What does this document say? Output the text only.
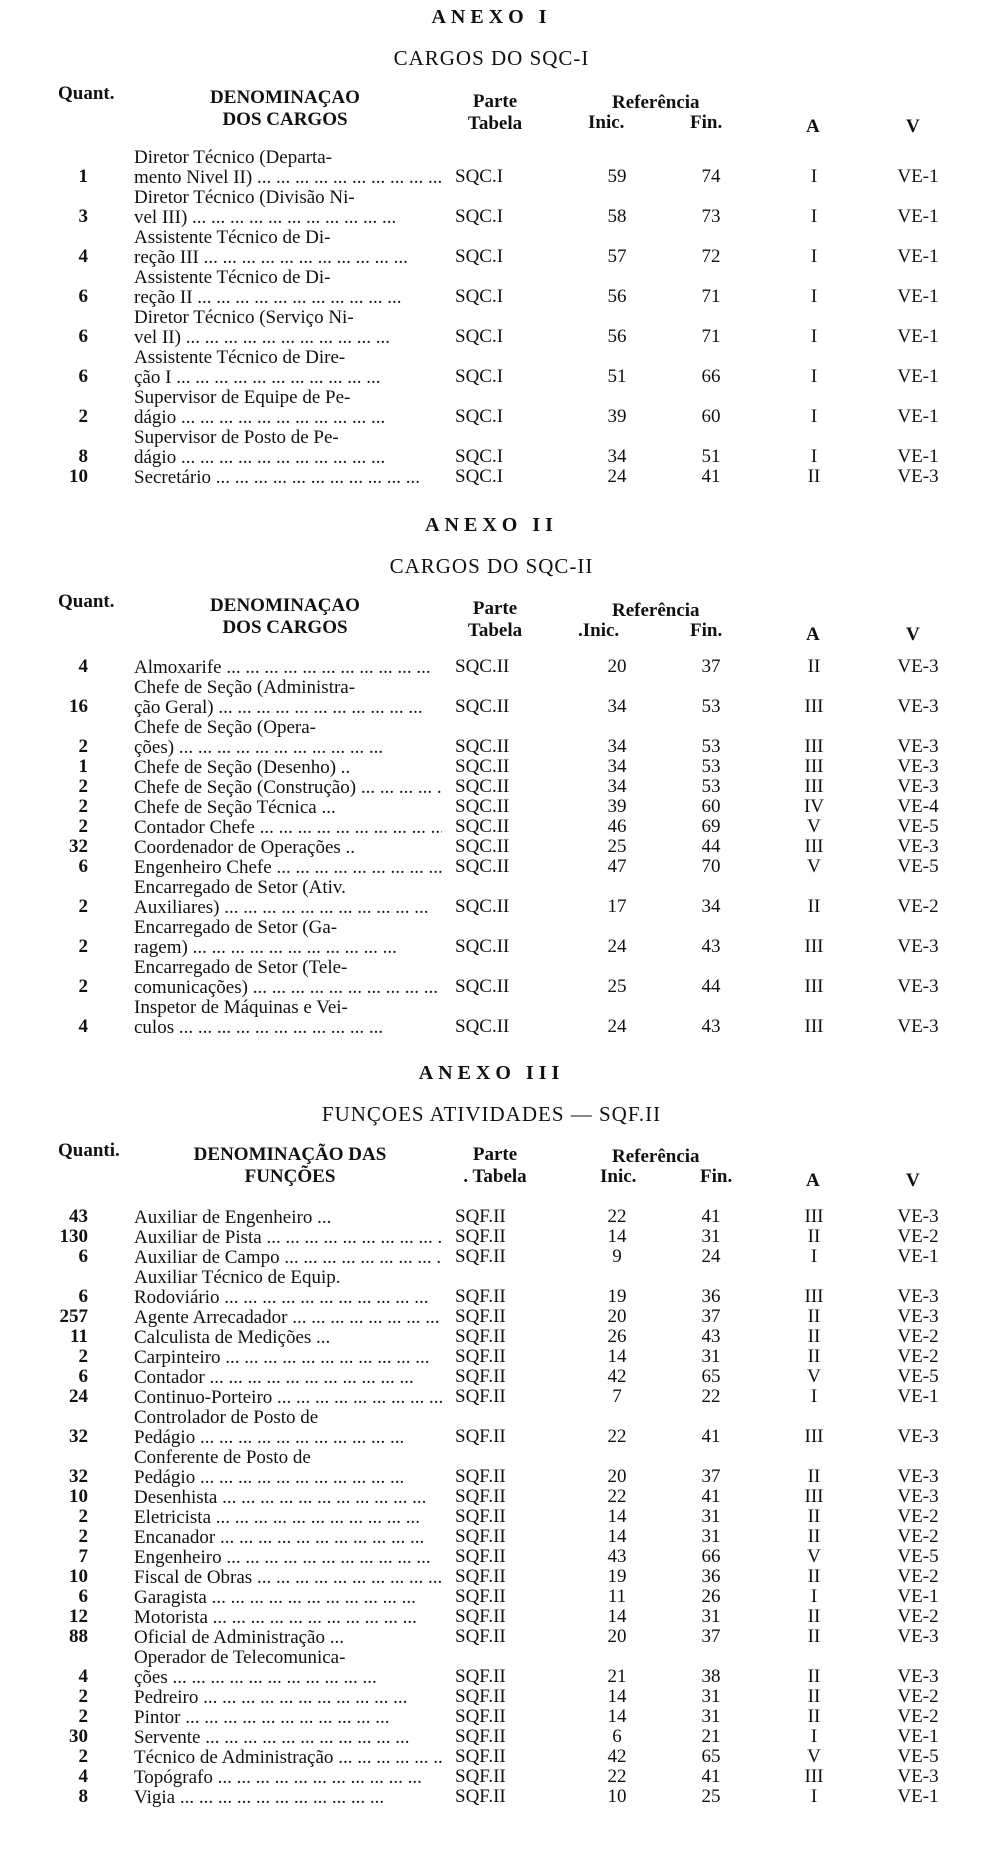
ANEXO I
CARGOS DO SQC-I
Quant.	DENOMINAÇAO
DOS CARGOS
Parte
Tabela
Referência
Inic.	Fin.	A	V
1
Diretor Técnico (Departa-
mento Nivel II) ... .	SQC.I	59	74	I	VE-1
3
Diretor Técnico (Divisão Ni-
vel III) ... .	SQC.I	58	73	I	VE-1
4
Assistente Técnico de Di-
reção III ... .	SQC.I	57	72	I	VE-1
6
Assistente Técnico de Di-
reção II ... .	SQC.I	56	71	I	VE-1
6
Diretor Técnico (Serviço Ni-
vel II) ... .	SQC.I	56	71	I	VE-1
6
Assistente Técnico de Dire-
ção I ... .	SQC.I	51	66	I	VE-1
2
Supervisor de Equipe de Pe-
dágio ... .	SQC.I	39	60	I	VE-1
8
Supervisor de Posto de Pe-
dágio ... .	SQC.I	34	51	I	VE-1
10 Secretário ... .	SQC.I	24	41	II	VE-3
ANEXO II
CARGOS DO SQC-II
Quant.	DENOMINAÇAO
DOS CARGOS
Parte
Tabela
Referência
.Inic.	Fin.	A	V
4 Almoxarife ... .	SQC.II	20	37	II	VE-3
16
Chefe de Seção (Administra-
ção Geral) ... .	SQC.II	34	53	III	VE-3
2
Chefe de Seção (Opera-
ções) ... .	SQC.II	34	53	III	VE-3
1 Chefe de Seção (Desenho) ..	SQC.II	34	53	III	VE-3
2 Chefe de Seção (Construção) ... .	SQC.II	34	53	III	VE-3
2 Chefe de Seção Técnica ...	SQC.II	39	60	IV	VE-4
2 Contador Chefe ... .	SQC.II	46	69	V	VE-5
32 Coordenador de Operações ..	SQC.II	25	44	III	VE-3
6 Engenheiro Chefe ... .	SQC.II	47	70	V	VE-5
2
Encarregado de Setor (Ativ.
Auxiliares) ... .	SQC.II	17	34	II	VE-2
2
Encarregado de Setor (Ga-
ragem) ... .	SQC.II	24	43	III	VE-3
2
Encarregado de Setor (Tele-
comunicações) ... .	SQC.II	25	44	III	VE-3
4
Inspetor de Máquinas e Vei-
culos ... .	SQC.II	24	43	III	VE-3
ANEXO III
FUNÇOES ATIVIDADES — SQF.II
Quanti.	DENOMINAÇÃO DAS
FUNÇÕES
Parte
. Tabela
Referência
Inic.	Fin.	A	V
43 Auxiliar de Engenheiro ...	SQF.II	22	41	III	VE-3
130 Auxiliar de Pista ... .	SQF.II	14	31	II	VE-2
6 Auxiliar de Campo ... .	SQF.II	9	24	I	VE-1
6
Auxiliar Técnico de Equip.
Rodoviário ... .	SQF.II	19	36	III	VE-3
257 Agente Arrecadador ... .	SQF.II	20	37	II	VE-3
11 Calculista de Medições ...	SQF.II	26	43	II	VE-2
2 Carpinteiro ... .	SQF.II	14	31	II	VE-2
6 Contador ... .	SQF.II	42	65	V	VE-5
24 Continuo-Porteiro ... .	SQF.II	7	22	I	VE-1
32
Controlador de Posto de
Pedágio ... .	SQF.II	22	41	III	VE-3
32
Conferente de Posto de
Pedágio ... .	SQF.II	20	37	II	VE-3
10 Desenhista ... .	SQF.II	22	41	III	VE-3
2 Eletricista ... .	SQF.II	14	31	II	VE-2
2 Encanador ... .	SQF.II	14	31	II	VE-2
7 Engenheiro ... .	SQF.II	43	66	V	VE-5
10 Fiscal de Obras ... .	SQF.II	19	36	II	VE-2
6 Garagista ... .	SQF.II	11	26	I	VE-1
12 Motorista ... .	SQF.II	14	31	II	VE-2
88 Oficial de Administração ...	SQF.II	20	37	II	VE-3
4
Operador de Telecomunica-
ções ... .	SQF.II	21	38	II	VE-3
2 Pedreiro ... .	SQF.II	14	31	II	VE-2
2 Pintor ... .	SQF.II	14	31	II	VE-2
30 Servente ... .	SQF.II	6	21	I	VE-1
2 Técnico de Administração ... .	SQF.II	42	65	V	VE-5
4 Topógrafo ... .	SQF.II	22	41	III	VE-3
8 Vigia ... .	SQF.II	10	25	I	VE-1
